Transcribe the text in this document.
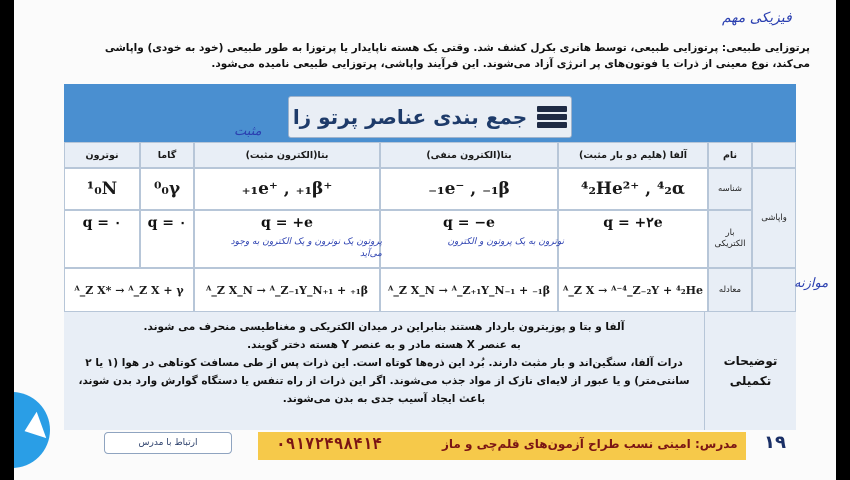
فیزیکی مهم

پرتوزایی طبیعی: پرتوزایی طبیعی، توسط هانری بکرل کشف شد. وقتی یک هسته ناپایدار یا پرتوزا به طور طبیعی (خود به خودی) واپاشی

می‌کند، نوع معینی از ذرات یا فوتون‌های پر انرژی آزاد می‌شوند. این فرآیند واپاشی، پرتوزایی طبیعی نامیده می‌شود.

جمع بندی عناصر پرتو زا
مثبت
نام
آلفا (هلیم دو بار مثبت)
بتا(الکترون منفی)
بتا(الکترون مثبت)
گاما
نوترون
واپاشی
شناسه
⁴₂He²⁺ , ⁴₂α
₋₁e⁻ , ₋₁β
₊₁e⁺ , ₊₁β⁺
⁰₀γ
¹₀N
بار الکتریکی
q = +۲e
q = −e
q = +e
q = ۰
q = ۰
معادله
ᴬ_Z X → ᴬ⁻⁴_Z₋₂Y + ⁴₂He
ᴬ_Z X_N → ᴬ_Z₊₁Y_N₋₁ + ₋₁β
ᴬ_Z X_N → ᴬ_Z₋₁Y_N₊₁ + ₊₁β
ᴬ_Z X* → ᴬ_Z X + γ
پروتون یک نوترون و یک الکترون به وجود می‌آید
نوترون به یک پروتون و الکترون

آلفا و بتا و پوزیترون باردار هستند بنابراین در میدان الکتریکی و مغناطیسی منحرف می شوند.

به عنصر X هسته مادر و به عنصر Y هسته دختر گویند.

درات آلفا، سنگین‌اند و بار مثبت دارند. بُرد این ذره‌ها کوتاه است. این ذرات پس از طی مسافت کوتاهی در هوا (۱ یا ۲

سانتی‌متر) و یا عبور از لایه‌ای نازک از مواد جذب می‌شوند. اگر این ذرات از راه تنفس یا دستگاه گوارش وارد بدن شوند،

باعث ایجاد آسیب جدی به بدن می‌شوند.

توضیحات تکمیلی
موازنه
ارتباط با مدرس	۰۹۱۷۲۴۹۸۴۱۴	مدرس: امینی نسب طراح آزمون‌های قلم‌چی و ماز ۱۹
